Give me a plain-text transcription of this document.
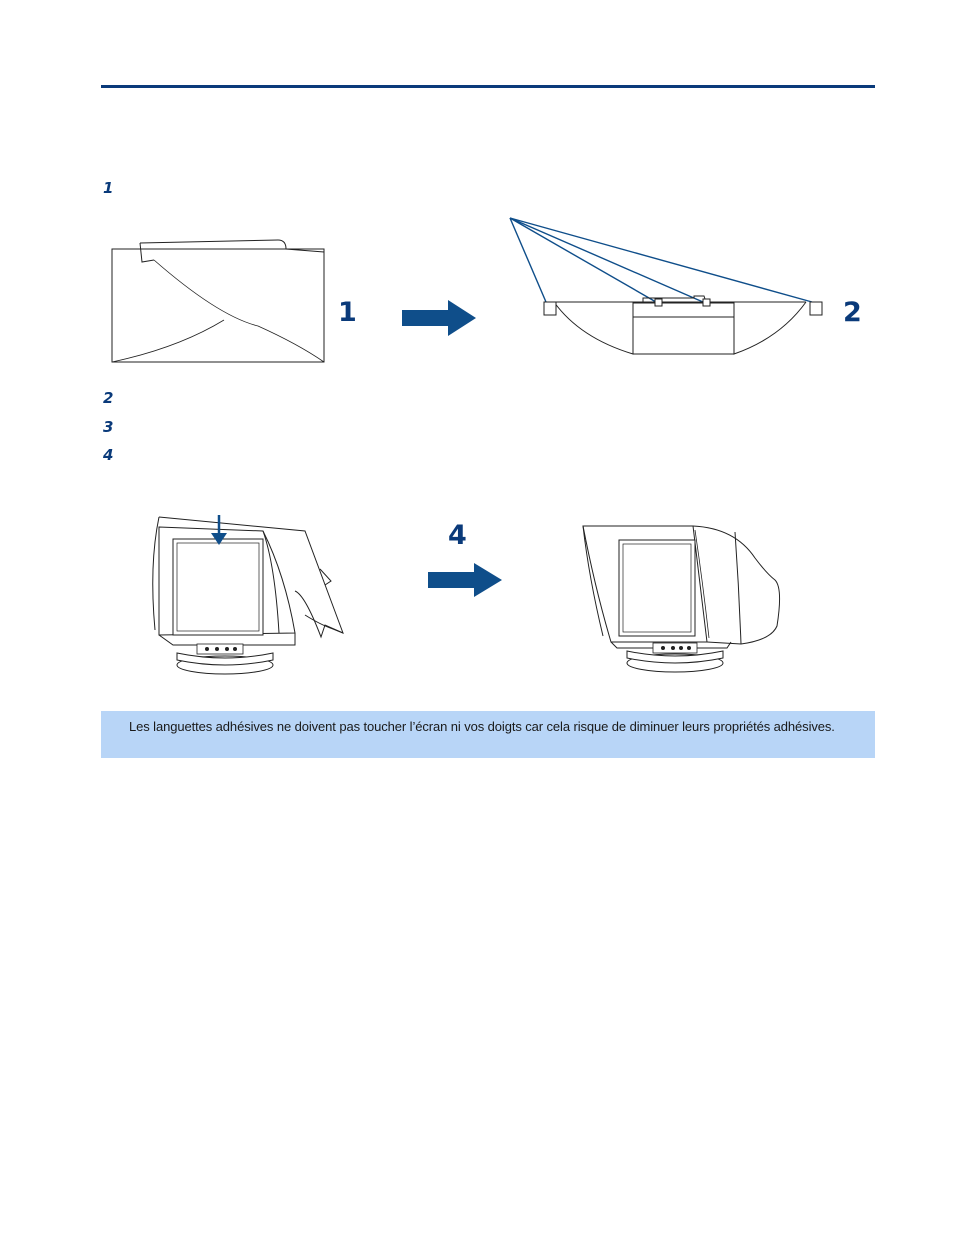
1
2
3
4
1	2
4
Les languettes adhésives ne doivent pas toucher l’écran ni vos doigts car cela risque de diminuer leurs propriétés adhésives.
